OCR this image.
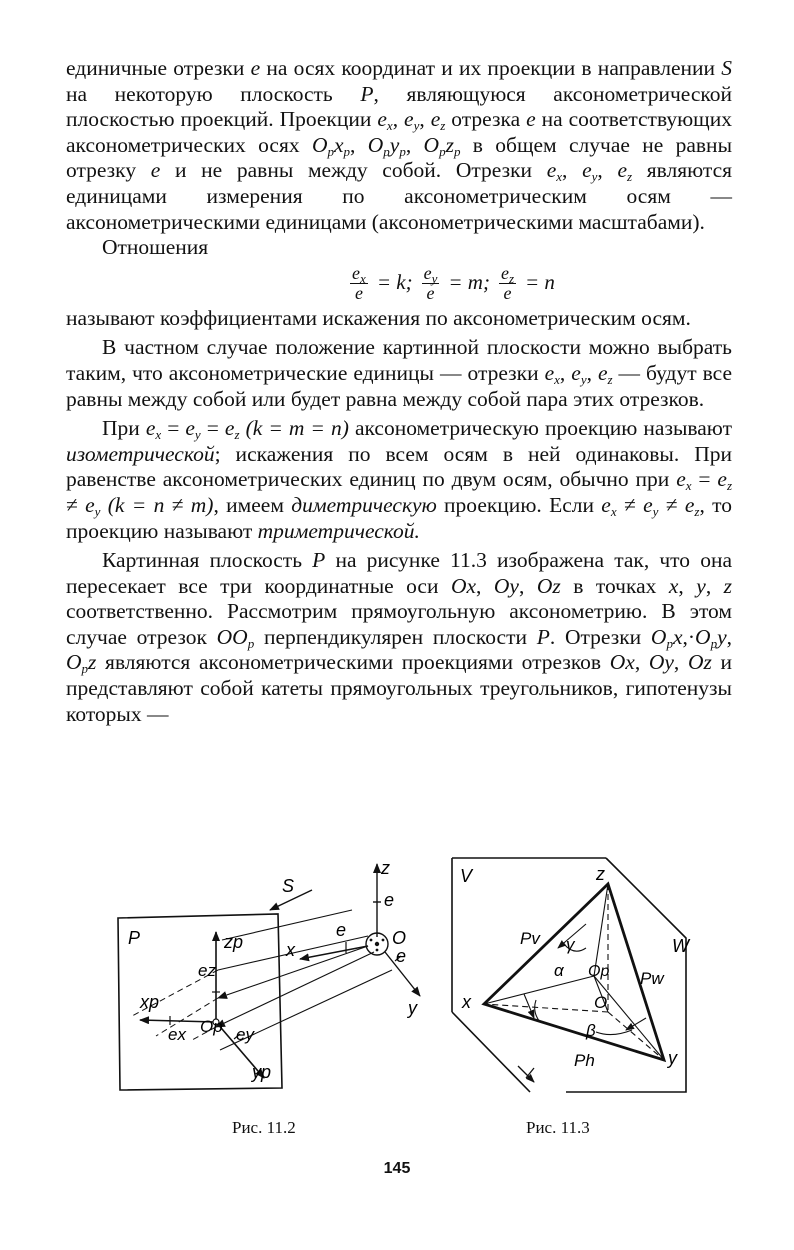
единичные отрезки e на осях координат и их проекции в направлении S на некоторую плоскость P, являющуюся аксонометрической плоскостью проекций. Проекции $e_x$, $e_y$, $e_z$ отрезка e на соответствующих аксонометрических осях $O_px_p$, $O_py_p$, $O_pz_p$ в общем случае не равны отрезку e и не равны между собой. Отрезки $e_x$, $e_y$, $e_z$ являются единицами измерения по аксонометрическим осям — аксонометрическими единицами (аксонометрическими масштабами).

Отношения

$\frac{e_x}{e} = k$; $\frac{e_y}{e} = m$; $\frac{e_z}{e} = n$

называют коэффициентами искажения по аксонометрическим осям.

В частном случае положение картинной плоскости можно выбрать таким, что аксонометрические единицы — отрезки $e_x$, $e_y$, $e_z$ — будут все равны между собой или будет равна между собой пара этих отрезков.

При $e_x = e_y = e_z$ (k = m = n) аксонометрическую проекцию называют изометрической; искажения по всем осям в ней одинаковы. При равенстве аксонометрических единиц по двум осям, обычно при $e_x = e_z \ne e_y$ (k = n ≠ m), имеем диметрическую проекцию. Если $e_x \ne e_y \ne e_z$, то проекцию называют триметрической.

Картинная плоскость P на рисунке 11.3 изображена так, что она пересекает все три координатные оси Ox, Oy, Oz в точках x, y, z соответственно. Рассмотрим прямоугольную аксонометрию. В этом случае отрезок $OO_p$ перпендикулярен плоскости P. Отрезки $O_px,\cdot O_py$, $O_pz$ являются аксонометрическими проекциями отрезков Ox, Oy, Oz и представляют собой катеты прямоугольных треугольников, гипотенузы которых —

S
z
e
P	zp
e
x
O
e
ez
xp	y
ex Op ey
yp
V	z
Pv	W
γ
α Op Pw
x	O
β
Ph	y
Рис. 11.2	Рис. 11.3
145
